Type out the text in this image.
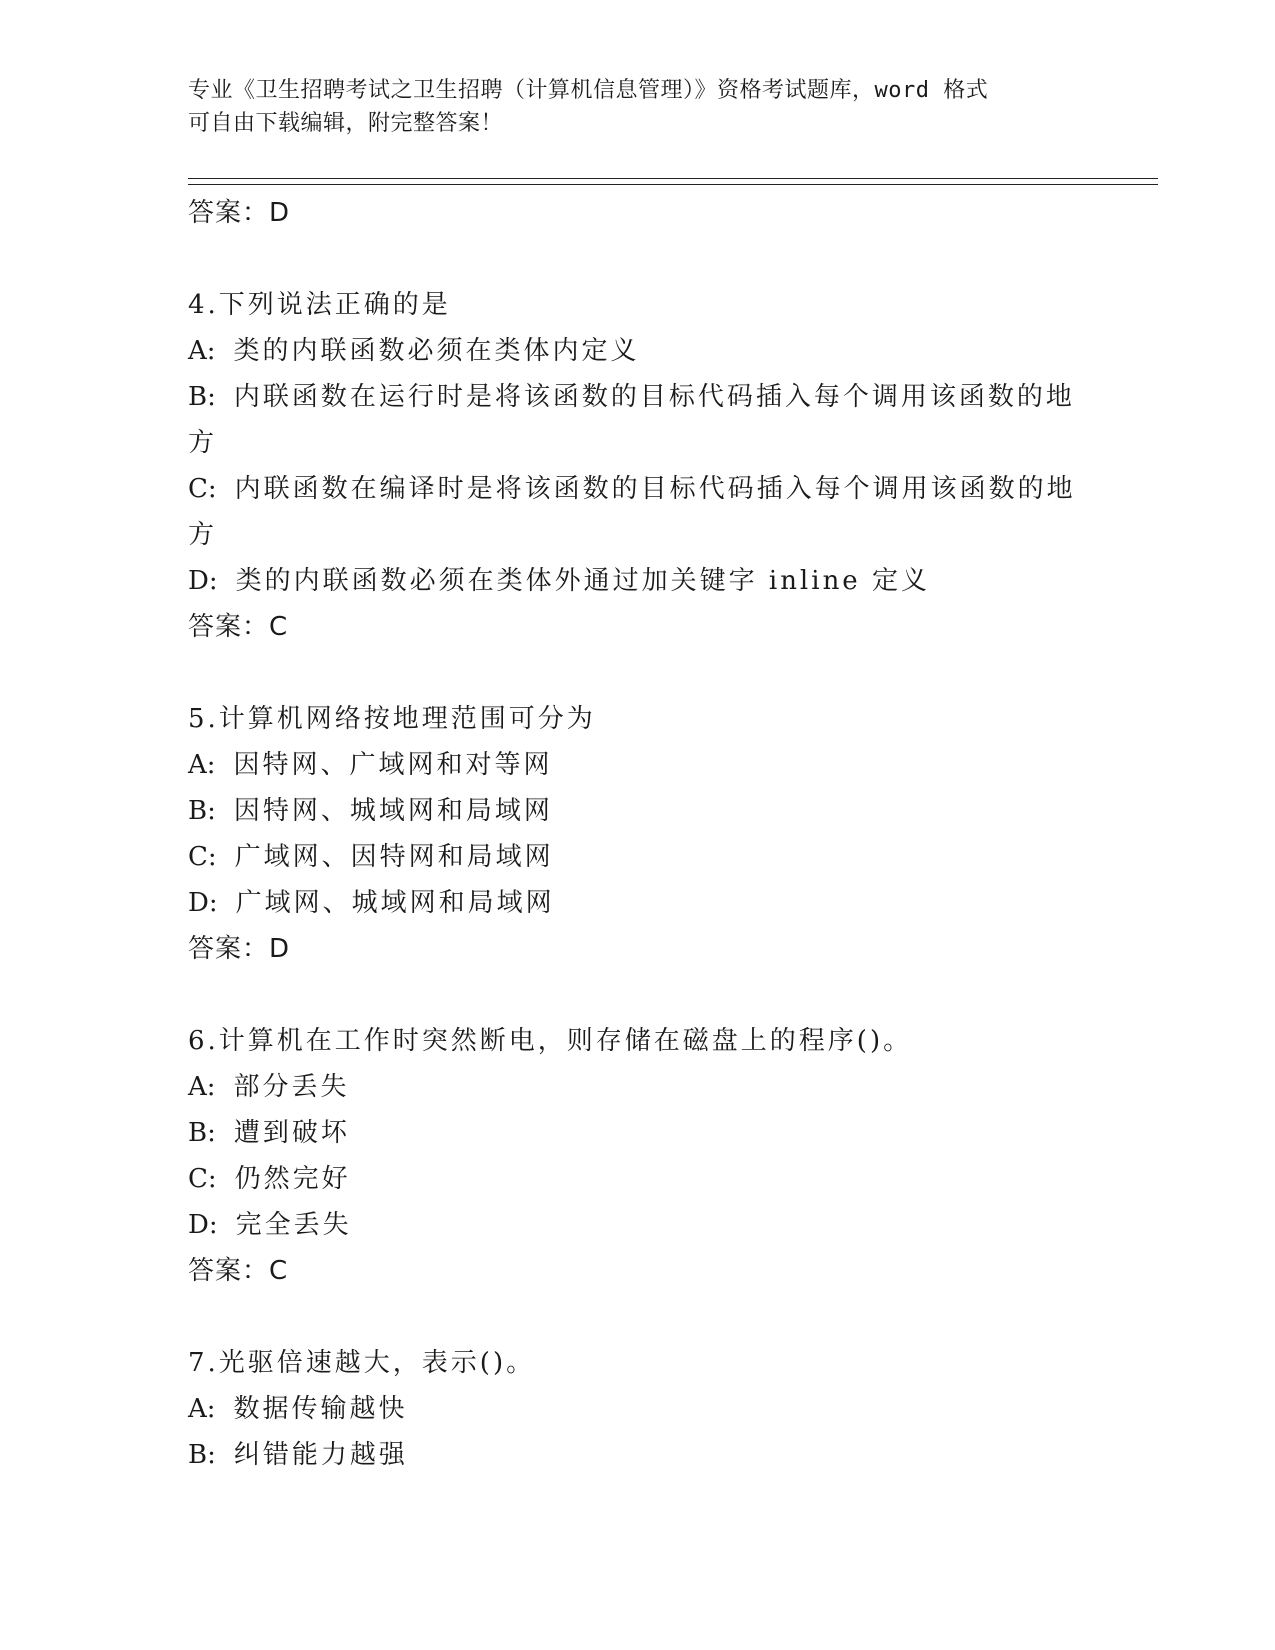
专业《卫生招聘考试之卫生招聘（计算机信息管理）》资格考试题库，word 格式
可自由下载编辑，附完整答案！
答案：D
4.下列说法正确的是
A: 类的内联函数必须在类体内定义
B: 内联函数在运行时是将该函数的目标代码插入每个调用该函数的地
方
C: 内联函数在编译时是将该函数的目标代码插入每个调用该函数的地
方
D: 类的内联函数必须在类体外通过加关键字 inline 定义
答案：C
5.计算机网络按地理范围可分为
A: 因特网、广域网和对等网
B: 因特网、城域网和局域网
C: 广域网、因特网和局域网
D: 广域网、城域网和局域网
答案：D
6.计算机在工作时突然断电，则存储在磁盘上的程序()。
A: 部分丢失
B: 遭到破坏
C: 仍然完好
D: 完全丢失
答案：C
7.光驱倍速越大，表示()。
A: 数据传输越快
B: 纠错能力越强
